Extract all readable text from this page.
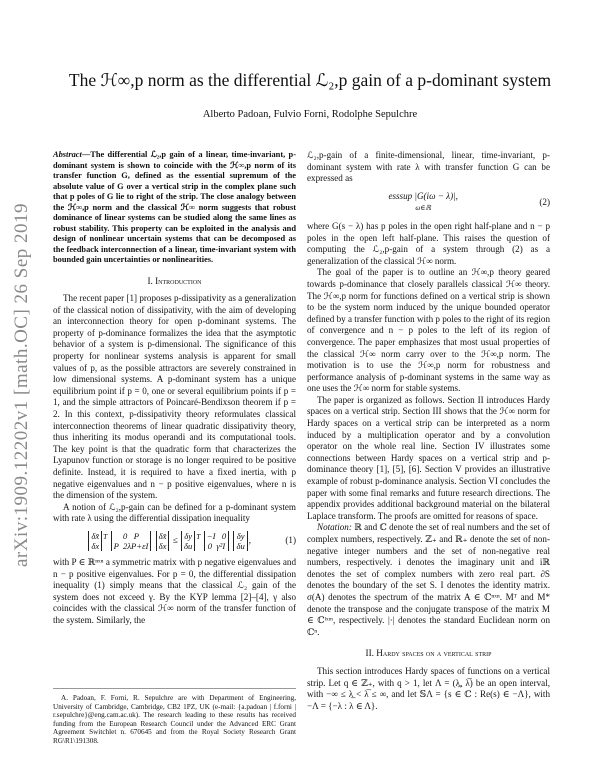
arXiv:1909.12202v1 [math.OC] 26 Sep 2019
The ℋ∞,p norm as the differential ℒ₂,p gain of a p-dominant system
Alberto Padoan, Fulvio Forni, Rodolphe Sepulchre
Abstract—The differential ℒ₂,p gain of a linear, time-invariant, p-dominant system is shown to coincide with the ℋ∞,p norm of its transfer function G, defined as the essential supremum of the absolute value of G over a vertical strip in the complex plane such that p poles of G lie to right of the strip. The close analogy between the ℋ∞,p norm and the classical ℋ∞ norm suggests that robust dominance of linear systems can be studied along the same lines as robust stability. This property can be exploited in the analysis and design of nonlinear uncertain systems that can be decomposed as the feedback interconnection of a linear, time-invariant system with bounded gain uncertainties or nonlinearities.
I. Introduction

The recent paper [1] proposes p-dissipativity as a generalization of the classical notion of dissipativity, with the aim of developing an interconnection theory for open p-dominant systems. The property of p-dominance formalizes the idea that the asymptotic behavior of a system is p-dimensional. The significance of this property for nonlinear systems analysis is apparent for small values of p, as the possible attractors are severely constrained in low dimensional systems. A p-dominant system has a unique equilibrium point if p = 0, one or several equilibrium points if p = 1, and the simple attractors of Poincaré-Bendixson theorem if p = 2. In this context, p-dissipativity theory reformulates classical interconnection theorems of linear quadratic dissipativity theory, thus inheriting its modus operandi and its computational tools. The key point is that the quadratic form that characterizes the Lyapunov function or storage is no longer required to be positive definite. Instead, it is required to have a fixed inertia, with p negative eigenvalues and n − p positive eigenvalues, where n is the dimension of the system.

A notion of ℒ₂,p-gain can be defined for a p-dominant system with rate λ using the differential dissipation inequality

δx̄
$\delta x^T$ 0   P
P  2λP+εI δx̄
δx ≤ δy
$\delta u^T -I$   0
0  γ²I δy
δu,	(1)

with P ∈ ℝⁿˣⁿ a symmetric matrix with p negative eigenvalues and n − p positive eigenvalues. For p = 0, the differential dissipation inequality (1) simply means that the classical ℒ₂ gain of the system does not exceed γ. By the KYP lemma [2]–[4], γ also coincides with the classical ℋ∞ norm of the transfer function of the system. Similarly, the

A. Padoan, F. Forni, R. Sepulchre are with Department of Engineering, University of Cambridge, Cambridge, CB2 1PZ, UK (e-mail: {a.padoan | f.forni | r.sepulchre}@eng.cam.ac.uk). The research leading to these results has received funding from the European Research Council under the Advanced ERC Grant Agreement Switchlet n. 670645 and from the Royal Society Research Grant RG\R1\191308.

ℒ₂,p-gain of a finite-dimensional, linear, time-invariant, p-dominant system with rate λ with transfer function G can be expressed as

esssup |G(iω − λ)|,
ω∈ℝ
(2)

where G(s − λ) has p poles in the open right half-plane and n − p poles in the open left half-plane. This raises the question of computing the ℒ₂,p-gain of a system through (2) as a generalization of the classical ℋ∞ norm.

The goal of the paper is to outline an ℋ∞,p theory geared towards p-dominance that closely parallels classical ℋ∞ theory. The ℋ∞,p norm for functions defined on a vertical strip is shown to be the system norm induced by the unique bounded operator defined by a transfer function with p poles to the right of its region of convergence and n − p poles to the left of its region of convergence. The paper emphasizes that most usual properties of the classical ℋ∞ norm carry over to the ℋ∞,p norm. The motivation is to use the ℋ∞,p norm for robustness and performance analysis of p-dominant systems in the same way as one uses the ℋ∞ norm for stable systems.

The paper is organized as follows. Section II introduces Hardy spaces on a vertical strip. Section III shows that the ℋ∞ norm for Hardy spaces on a vertical strip can be interpreted as a norm induced by a multiplication operator and by a convolution operator on the whole real line. Section IV illustrates some connections between Hardy spaces on a vertical strip and p-dominance theory [1], [5], [6]. Section V provides an illustrative example of robust p-dominance analysis. Section VI concludes the paper with some final remarks and future research directions. The appendix provides additional background material on the bilateral Laplace transform. The proofs are omitted for reasons of space.

Notation: ℝ and ℂ denote the set of real numbers and the set of complex numbers, respectively. ℤ₊ and ℝ₊ denote the set of non-negative integer numbers and the set of non-negative real numbers, respectively. i denotes the imaginary unit and iℝ denotes the set of complex numbers with zero real part. ∂S denotes the boundary of the set S. I denotes the identity matrix. σ(A) denotes the spectrum of the matrix A ∈ ℂⁿˣⁿ. Mᵀ and M* denote the transpose and the conjugate transpose of the matrix M ∈ ℂˡˣᵐ, respectively. |·| denotes the standard Euclidean norm on ℂⁿ.

II. Hardy spaces on a vertical strip

This section introduces Hardy spaces of functions on a vertical strip. Let q ∈ ℤ₊, with q > 1, let Λ = (λ̲, λ̅) be an open interval, with −∞ ≤ λ̲ < λ̅ ≤ ∞, and let 𝕊Λ = {s ∈ ℂ : Re(s) ∈ −Λ}, with −Λ = {−λ : λ ∈ Λ}.
